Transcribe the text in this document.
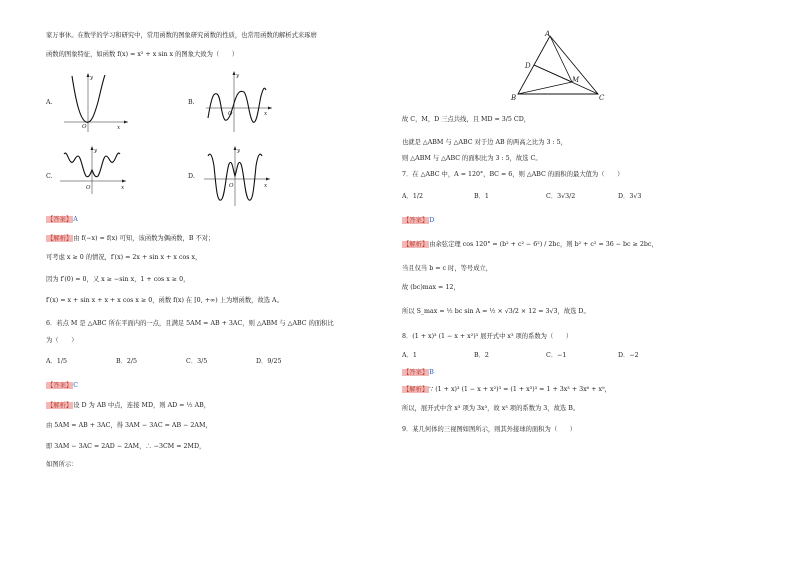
家万事休。在数学的学习和研究中，常用函数的图象研究函数的性质，也常用函数的解析式来琢磨
函数的图象特征，如函数 f(x) = x² + x sin x 的图象大致为（　　）
A.	B.
C.	D.
O	x
y
O	x
y
O	x
y
O	x
y
【答案】A
【解析】由 f(−x) = f(x) 可知，该函数为偶函数，B 不对；
可考虑 x ≥ 0 的情况，f′(x) = 2x + sin x + x cos x，
因为 f′(0) = 0，又 x ≥ −sin x，1 + cos x ≥ 0，
f′(x) = x + sin x + x + x cos x ≥ 0，函数 f(x) 在 [0, +∞) 上为增函数，故选 A。
6．若点 M 是 △ABC 所在平面内的一点，且满足 5AM = AB + 3AC，则 △ABM 与 △ABC 的面积比
为（　　）
A．1/5	B．2/5	C．3/5	D．9/25
【答案】C
【解析】设 D 为 AB 中点，连接 MD，则 AD = ½ AB，
由 5AM = AB + 3AC，得 3AM − 3AC = AB − 2AM，
即 3AM − 3AC = 2AD − 2AM，∴ −3CM = 2MD，
如图所示：
A
D
M
B	C
故 C，M，D 三点共线，且 MD = 3/5 CD，
也就是 △ABM 与 △ABC 对于边 AB 的两高之比为 3 : 5，
则 △ABM 与 △ABC 的面积比为 3 : 5，故选 C。
7．在 △ABC 中，A = 120°，BC = 6，则 △ABC 的面积的最大值为（　　）
A．1/2	B．1	C．3√3/2	D．3√3
【答案】D
【解析】由余弦定理 cos 120° = (b² + c² − 6²) / 2bc，则 b² + c² = 36 − bc ≥ 2bc，
当且仅当 b = c 时，等号成立，
故 (bc)max = 12，
所以 S_max = ½ bc sin A = ½ × √3/2 × 12 = 3√3，故选 D。
8．(1 + x)³ (1 − x + x²)³ 展开式中 x³ 项的系数为（　　）
A．1	B．2	C．−1	D．−2
【答案】B
【解析】∵ (1 + x)³ (1 − x + x²)³ = (1 + x³)³ = 1 + 3x³ + 3x⁶ + x⁹，
所以，展开式中含 x³ 项为 3x³，故 x³ 项的系数为 3，故选 B。
9．某几何体的三视图如图所示，则其外接球的面积为（　　）
